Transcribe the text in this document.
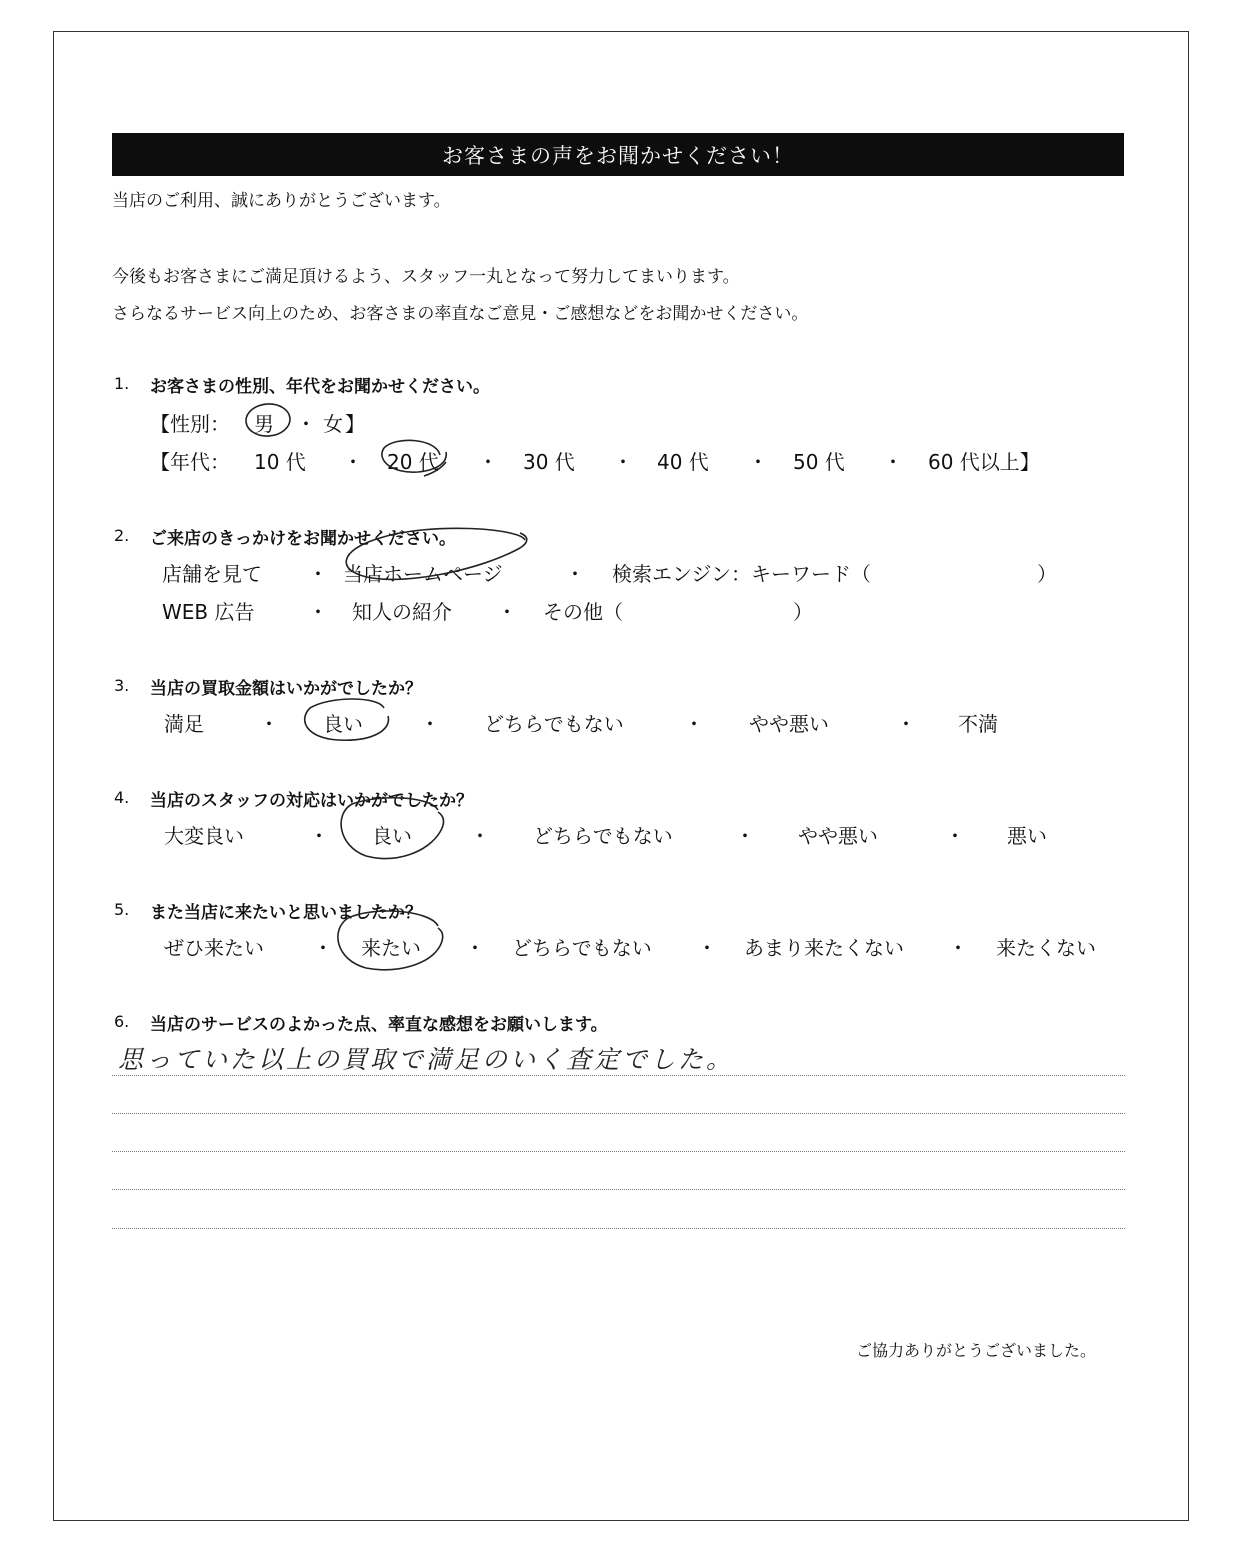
お客さまの声をお聞かせください！
当店のご利用、誠にありがとうございます。
今後もお客さまにご満足頂けるよう、スタッフ一丸となって努力してまいります。
さらなるサービス向上のため、お客さまの率直なご意見・ご感想などをお聞かせください。
1. お客さまの性別、年代をお聞かせください。
【性別： 男 ・ 女 】
【年代： 10 代 ・ 20 代 ・ 30 代 ・ 40 代 ・ 50 代 ・ 60 代以上】
2. ご来店のきっかけをお聞かせください。
店舗を見て ・ 当店ホームページ	・ 検索エンジン：キーワード（	）
WEB 広告	・ 知人の紹介 ・ その他（	）
3. 当店の買取金額はいかがでしたか？
満足	・ 良い	・ どちらでもない	・ やや悪い	・ 不満
4. 当店のスタッフの対応はいかがでしたか？
大変良い	・ 良い	・ どちらでもない	・ やや悪い	・ 悪い
5. また当店に来たいと思いましたか？
ぜひ来たい ・ 来たい ・ どちらでもない ・ あまり来たくない ・ 来たくない
6. 当店のサービスのよかった点、率直な感想をお願いします。
思っていた以上の買取で満足のいく査定でした。
ご協力ありがとうございました。
